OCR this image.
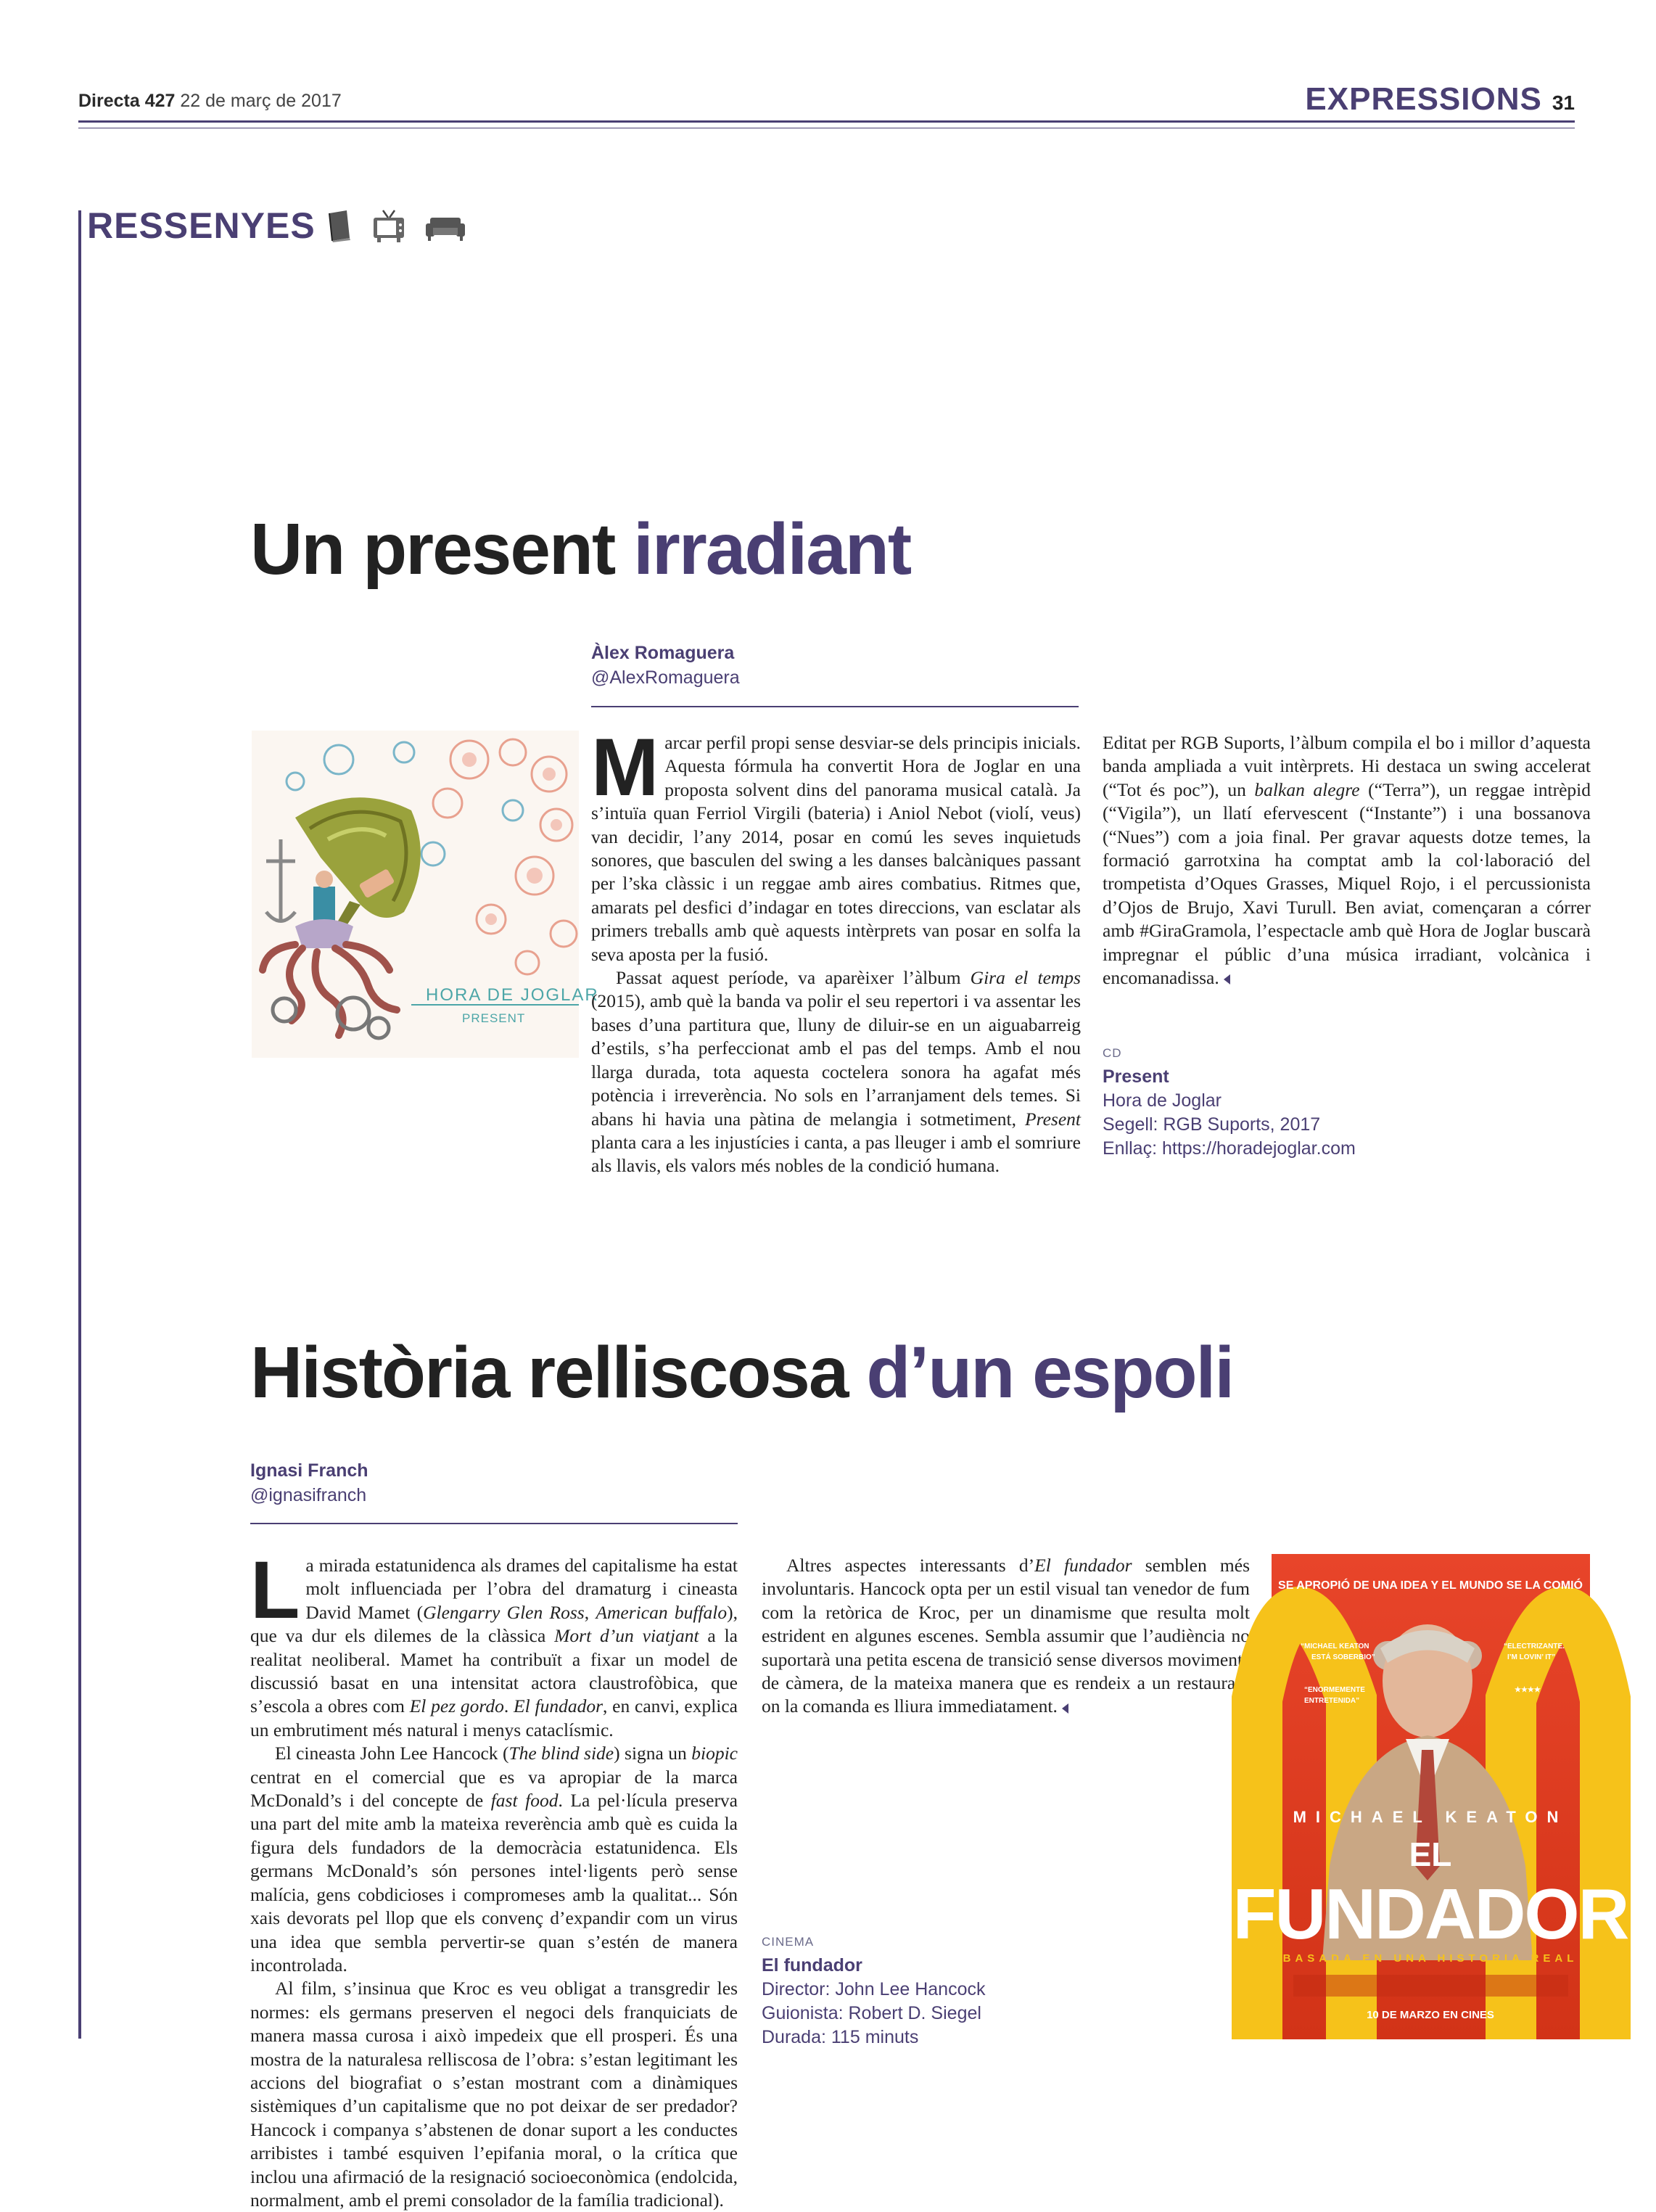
Directa 427 22 de març de 2017	EXPRESSIONS 31
RESSENYES
Un present irradiant
Àlex Romaguera
@AlexRomaguera
HORA DE JOGLAR
PRESENT

Marcar perfil propi sense desviar-se dels principis inicials. Aquesta fórmula ha convertit Hora de Joglar en una proposta solvent dins del panorama musical català. Ja s’intuïa quan Ferriol Virgili (bateria) i Aniol Nebot (violí, veus) van decidir, l’any 2014, posar en comú les seves inquietuds sonores, que basculen del swing a les danses balcàniques passant per l’ska clàssic i un reggae amb aires combatius. Ritmes que, amarats pel desfici d’indagar en totes direccions, van esclatar als primers treballs amb què aquests intèrprets van posar en solfa la seva aposta per la fusió.

Passat aquest període, va aparèixer l’àlbum Gira el temps (2015), amb què la banda va polir el seu repertori i va assentar les bases d’una partitura que, lluny de diluir-se en un aiguabarreig d’estils, s’ha perfeccionat amb el pas del temps. Amb el nou llarga durada, tota aquesta coctelera sonora ha agafat més potència i irreverència. No sols en l’arranjament dels temes. Si abans hi havia una pàtina de melangia i sotmetiment, Present planta cara a les injustícies i canta, a pas lleuger i amb el somriure als llavis, els valors més nobles de la condició humana.

Editat per RGB Suports, l’àlbum compila el bo i millor d’aquesta banda ampliada a vuit intèrprets. Hi destaca un swing accelerat (“Tot és poc”), un balkan alegre (“Terra”), un reggae intrèpid (“Vigila”), un llatí efervescent (“Instante”) i una bossanova (“Nues”) com a joia final. Per gravar aquests dotze temes, la formació garrotxina ha comptat amb la col·laboració del trompetista d’Oques Grasses, Miquel Rojo, i el percussionista d’Ojos de Brujo, Xavi Turull. Ben aviat, començaran a córrer amb #GiraGramola, l’espectacle amb què Hora de Joglar buscarà impregnar el públic d’una música irradiant, volcànica i encomanadissa.

CD
Present
Hora de Joglar
Segell: RGB Suports, 2017
Enllaç: https://horadejoglar.com
Història relliscosa d’un espoli
Ignasi Franch
@ignasifranch

La mirada estatunidenca als drames del capitalisme ha estat molt influenciada per l’obra del dramaturg i cineasta David Mamet (Glengarry Glen Ross, American buffalo), que va dur els dilemes de la clàssica Mort d’un viatjant a la realitat neoliberal. Mamet ha contribuït a fixar un model de discussió basat en una intensitat actora claustrofòbica, que s’escola a obres com El pez gordo. El fundador, en canvi, explica un embrutiment més natural i menys cataclísmic.

El cineasta John Lee Hancock (The blind side) signa un biopic centrat en el comercial que es va apropiar de la marca McDonald’s i del concepte de fast food. La pel·lícula preserva una part del mite amb la mateixa reverència amb què es cuida la figura dels fundadors de la democràcia estatunidenca. Els germans McDonald’s són persones intel·ligents però sense malícia, gens cobdicioses i compromeses amb la qualitat... Són xais devorats pel llop que els convenç d’expandir com un virus una idea que sembla pervertir-se quan s’estén de manera incontrolada.

Al film, s’insinua que Kroc es veu obligat a transgredir les normes: els germans preserven el negoci dels franquiciats de manera massa curosa i això impedeix que ell prosperi. És una mostra de la naturalesa relliscosa de l’obra: s’estan legitimant les accions del biografiat o s’estan mostrant com a dinàmiques sistèmiques d’un capitalisme que no pot deixar de ser predador? Hancock i companya s’abstenen de donar suport a les conductes arribistes i també esquiven l’epifania moral, o la crítica que inclou una afirmació de la resignació socioeconòmica (endolcida, normalment, amb el premi consolador de la família tradicional).

Altres aspectes interessants d’El fundador semblen més involuntaris. Hancock opta per un estil visual tan venedor de fum com la retòrica de Kroc, per un dinamisme que resulta molt estrident en algunes escenes. Sembla assumir que l’audiència no suportarà una petita escena de transició sense diversos moviments de càmera, de la mateixa manera que es rendeix a un restaurant on la comanda es lliura immediatament.

CINEMA
El fundador
Director: John Lee Hancock
Guionista: Robert D. Siegel
Durada: 115 minuts
SE APROPIÓ DE UNA IDEA Y EL MUNDO SE LA COMIÓ
“MICHAEL KEATON
ESTÁ SOBERBIO”
“ENORMEMENTE
ENTRETENIDA”
“ELECTRIZANTE.
I’M LOVIN’ IT”
★★★★
MICHAEL KEATON
EL
FUNDADOR
BASADA EN UNA HISTORIA REAL
10 DE MARZO EN CINES
